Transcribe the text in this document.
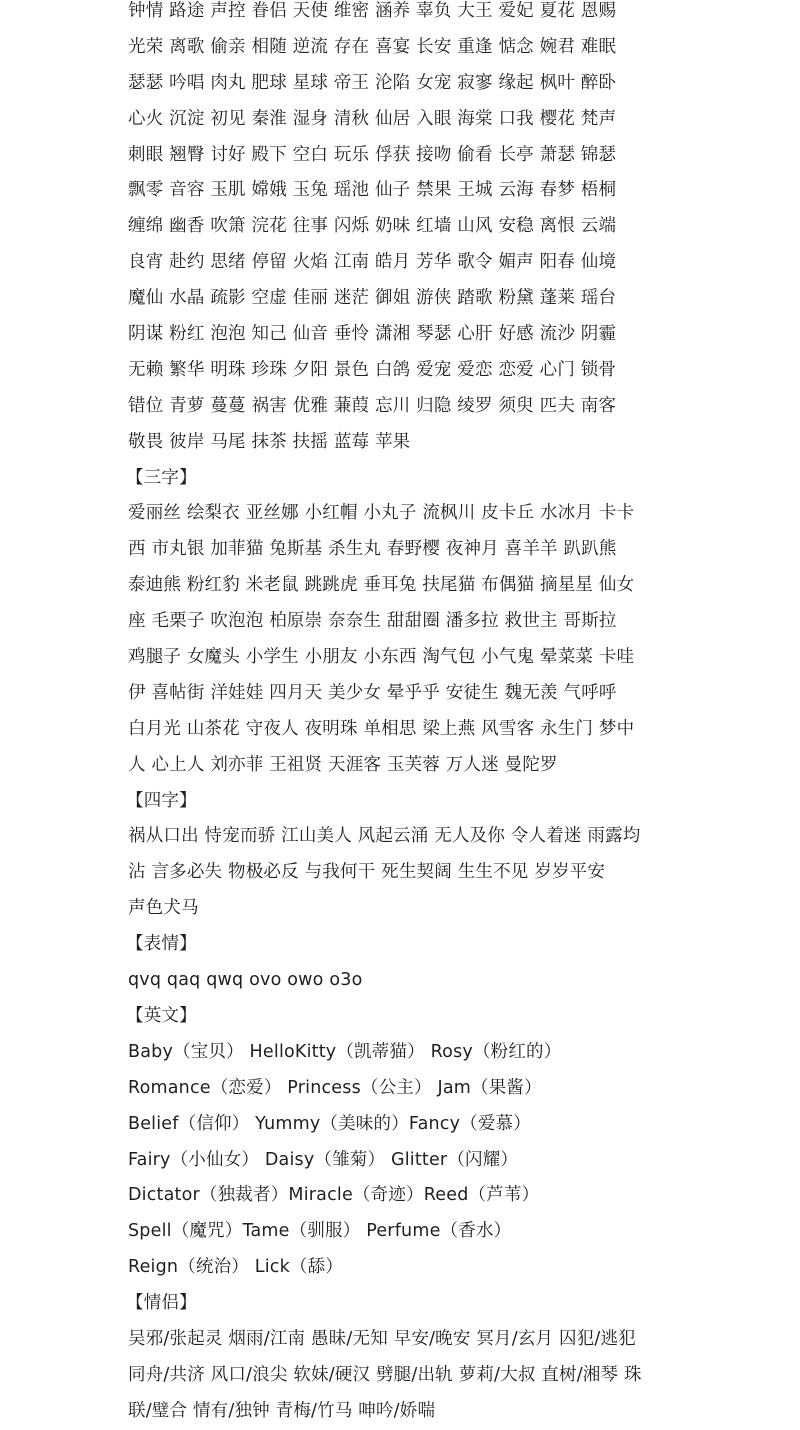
钟情 路途 声控 眷侣 天使 维密 涵养 辜负 大王 爱妃 夏花 恩赐
光荣 离歌 偷亲 相随 逆流 存在 喜宴 长安 重逢 惦念 婉君 难眠
瑟瑟 吟唱 肉丸 肥球 星球 帝王 沦陷 女宠 寂寥 缘起 枫叶 醉卧
心火 沉淀 初见 秦淮 湿身 清秋 仙居 入眼 海棠 口我 樱花 梵声
刺眼 翘臀 讨好 殿下 空白 玩乐 俘获 接吻 偷看 长亭 萧瑟 锦瑟
飘零 音容 玉肌 嫦娥 玉兔 瑶池 仙子 禁果 王城 云海 春梦 梧桐
缠绵 幽香 吹箫 浣花 往事 闪烁 奶味 红墙 山风 安稳 离恨 云端
良宵 赴约 思绪 停留 火焰 江南 皓月 芳华 歌令 媚声 阳春 仙境
魔仙 水晶 疏影 空虚 佳丽 迷茫 御姐 游侠 踏歌 粉黛 蓬莱 瑶台
阴谋 粉红 泡泡 知己 仙音 垂怜 潇湘 琴瑟 心肝 好感 流沙 阴霾
无赖 繁华 明珠 珍珠 夕阳 景色 白鸽 爱宠 爱恋 恋爱 心门 锁骨
错位 青萝 蔓蔓 祸害 优雅 蒹葭 忘川 归隐 绫罗 须臾 匹夫 南客
敬畏 彼岸 马尾 抹茶 扶摇 蓝莓 苹果
【三字】
爱丽丝 绘梨衣 亚丝娜 小红帽 小丸子 流枫川 皮卡丘 水冰月 卡卡
西 市丸银 加菲猫 兔斯基 杀生丸 春野樱 夜神月 喜羊羊 趴趴熊
泰迪熊 粉红豹 米老鼠 跳跳虎 垂耳兔 扶尾猫 布偶猫 摘星星 仙女
座 毛栗子 吹泡泡 柏原崇 奈奈生 甜甜圈 潘多拉 救世主 哥斯拉
鸡腿子 女魔头 小学生 小朋友 小东西 淘气包 小气鬼 晕菜菜 卡哇
伊 喜帖街 洋娃娃 四月天 美少女 晕乎乎 安徒生 魏无羡 气呼呼
白月光 山茶花 守夜人 夜明珠 单相思 梁上燕 风雪客 永生门 梦中
人 心上人 刘亦菲 王祖贤 天涯客 玉芙蓉 万人迷 曼陀罗
【四字】
祸从口出 恃宠而骄 江山美人 风起云涌 无人及你 令人着迷 雨露均
沾 言多必失 物极必反 与我何干 死生契阔 生生不见 岁岁平安
声色犬马
【表情】
qvq qaq qwq ovo owo o3o
【英文】
Baby（宝贝） HelloKitty（凯蒂猫） Rosy（粉红的）
Romance（恋爱） Princess（公主） Jam（果酱）
Belief（信仰） Yummy（美味的）Fancy（爱慕）
Fairy（小仙女） Daisy（雏菊） Glitter（闪耀）
Dictator（独裁者）Miracle（奇迹）Reed（芦苇）
Spell（魔咒）Tame（驯服） Perfume（香水）
Reign（统治） Lick（舔）
【情侣】
吴邪/张起灵 烟雨/江南 愚昧/无知 早安/晚安 冥月/玄月 囚犯/逃犯
同舟/共济 风口/浪尖 软妹/硬汉 劈腿/出轨 萝莉/大叔 直树/湘琴 珠
联/璧合 情有/独钟 青梅/竹马 呻吟/娇喘
